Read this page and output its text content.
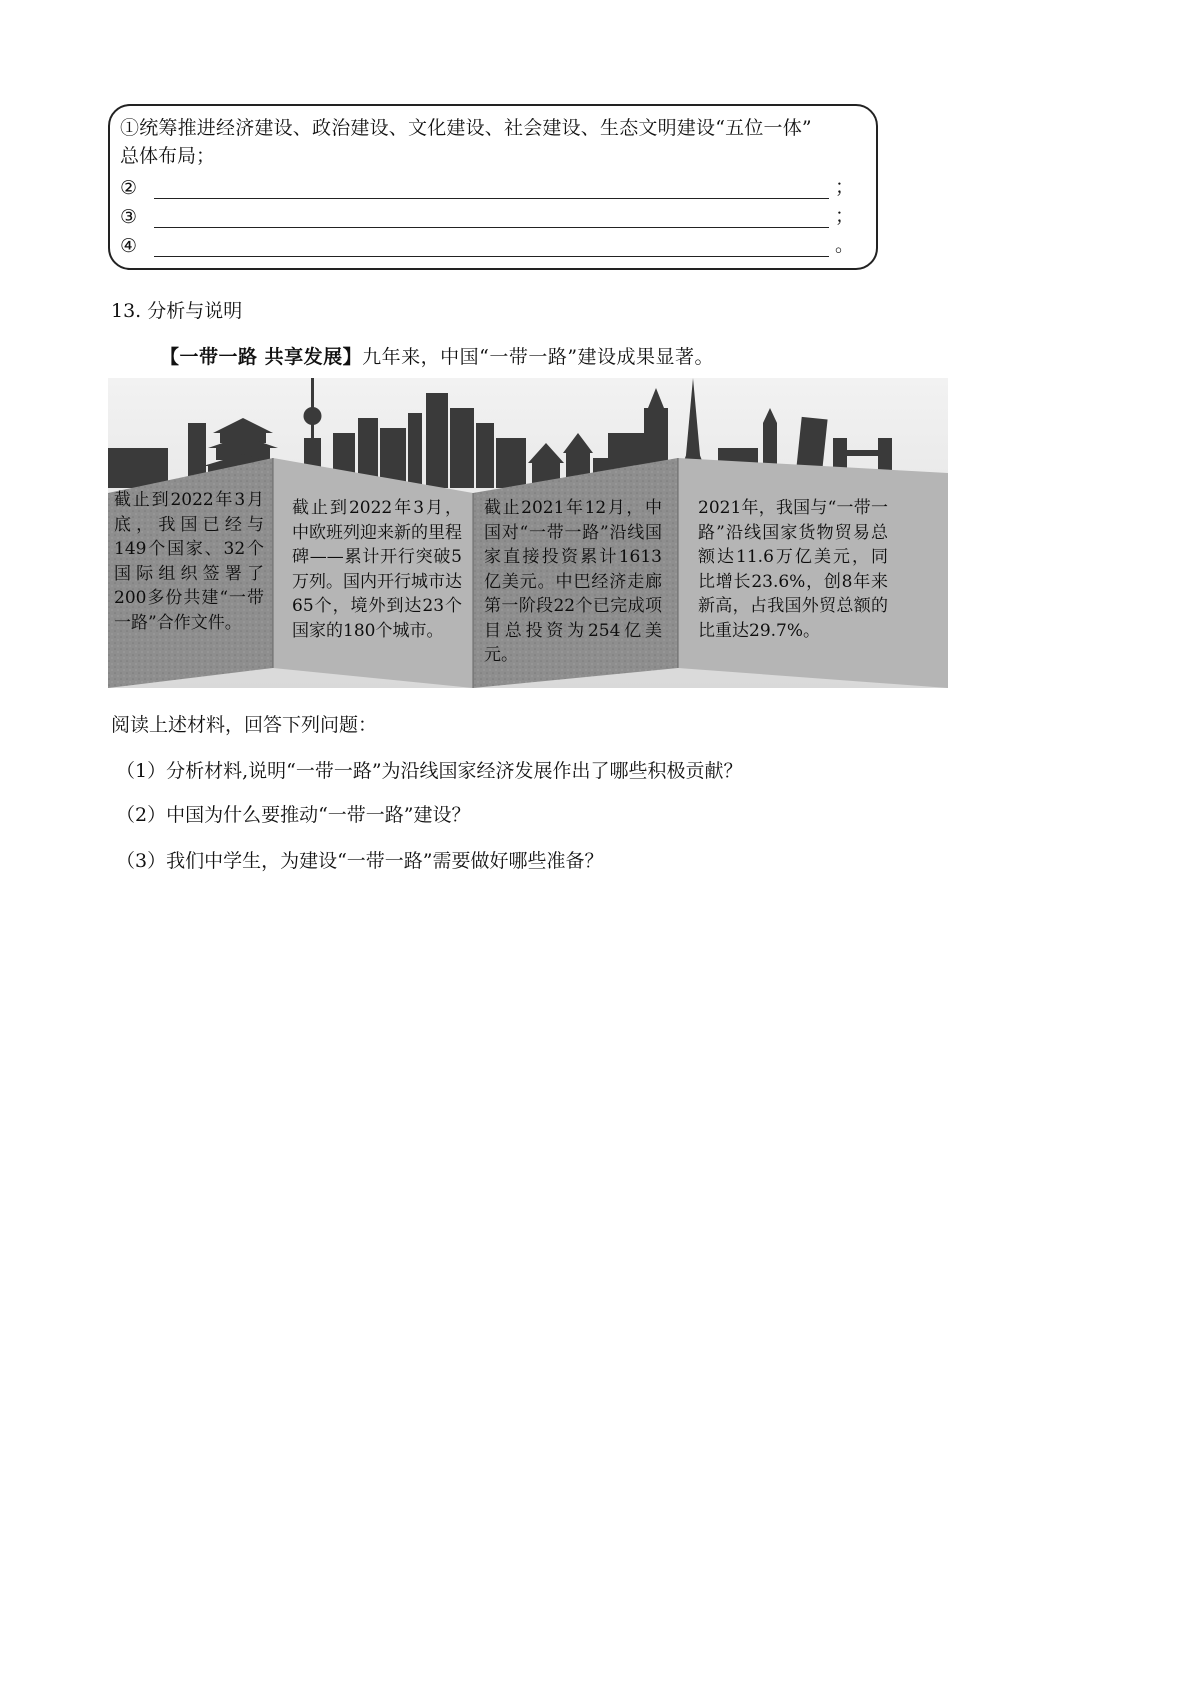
①统筹推进经济建设、政治建设、文化建设、社会建设、生态文明建设“五位一体”
总体布局；
②	；
③	；
④	。
13. 分析与说明
【一带一路 共享发展】九年来，中国“一带一路”建设成果显著。
截止到2022年3月底，我国已经与149个国家、32个国际组织签署了200多份共建“一带一路”合作文件。
截止到2022年3月，中欧班列迎来新的里程碑——累计开行突破5万列。国内开行城市达65个，境外到达23个国家的180个城市。
截止2021年12月，中国对“一带一路”沿线国家直接投资累计1613亿美元。中巴经济走廊第一阶段22个已完成项目总投资为254亿美元。
2021年，我国与“一带一路”沿线国家货物贸易总额达11.6万亿美元，同比增长23.6%，创8年来新高，占我国外贸总额的比重达29.7%。
阅读上述材料，回答下列问题：
（1）分析材料,说明“一带一路”为沿线国家经济发展作出了哪些积极贡献？
（2）中国为什么要推动“一带一路”建设？
（3）我们中学生，为建设“一带一路”需要做好哪些准备？
